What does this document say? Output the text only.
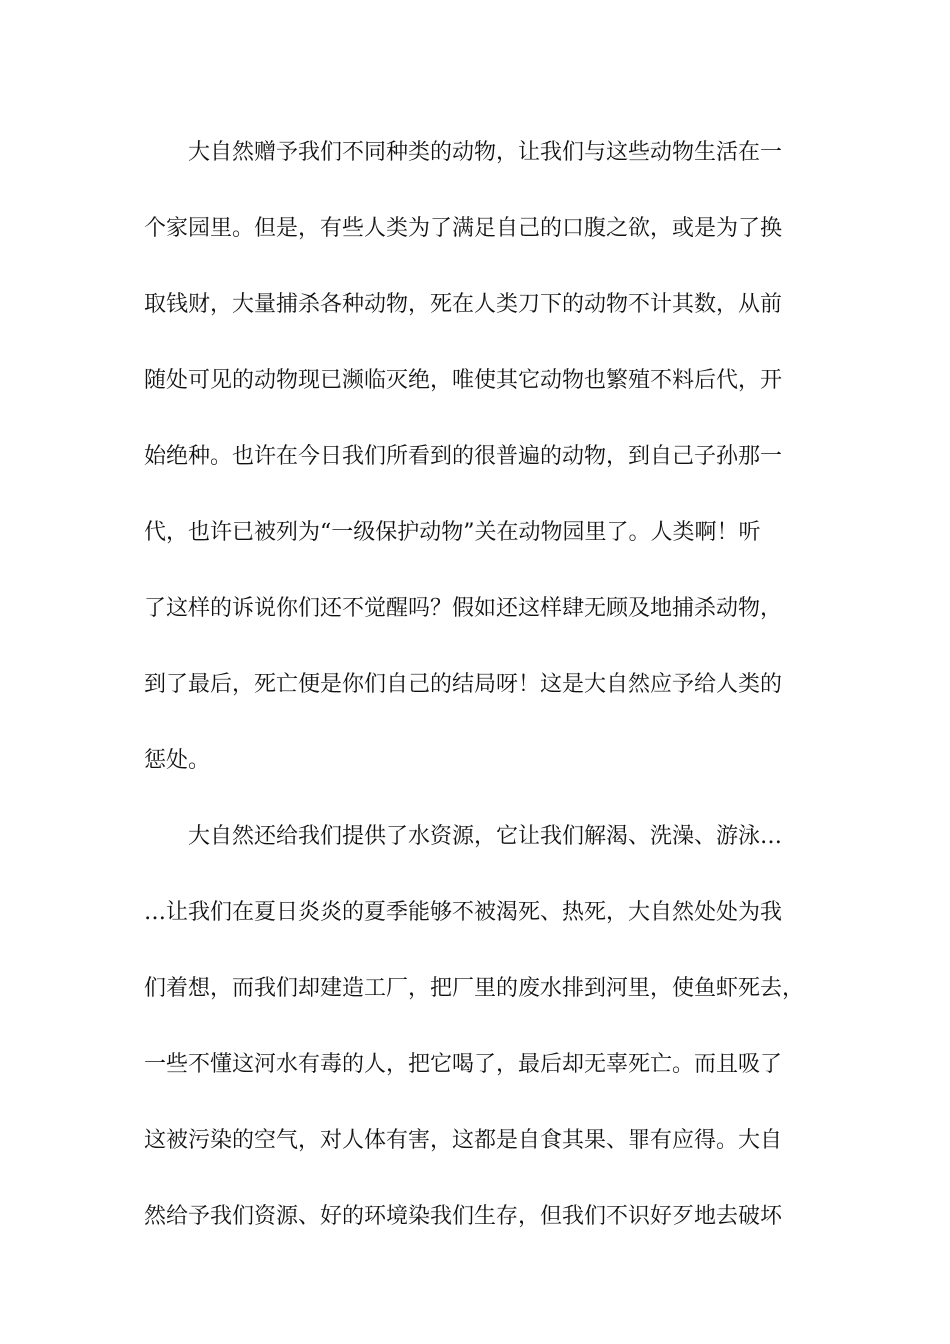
大自然赠予我们不同种类的动物，让我们与这些动物生活在一
个家园里。但是，有些人类为了满足自己的口腹之欲，或是为了换
取钱财，大量捕杀各种动物，死在人类刀下的动物不计其数，从前
随处可见的动物现已濒临灭绝，唯使其它动物也繁殖不料后代，开
始绝种。也许在今日我们所看到的很普遍的动物，到自己子孙那一
代，也许已被列为“一级保护动物”关在动物园里了。人类啊！听
了这样的诉说你们还不觉醒吗？假如还这样肆无顾及地捕杀动物，
到了最后，死亡便是你们自己的结局呀！这是大自然应予给人类的
惩处。
大自然还给我们提供了水资源，它让我们解渴、洗澡、游泳…
…让我们在夏日炎炎的夏季能够不被渴死、热死，大自然处处为我
们着想，而我们却建造工厂，把厂里的废水排到河里，使鱼虾死去，
一些不懂这河水有毒的人，把它喝了，最后却无辜死亡。而且吸了
这被污染的空气，对人体有害，这都是自食其果、罪有应得。大自
然给予我们资源、好的环境染我们生存，但我们不识好歹地去破坏
